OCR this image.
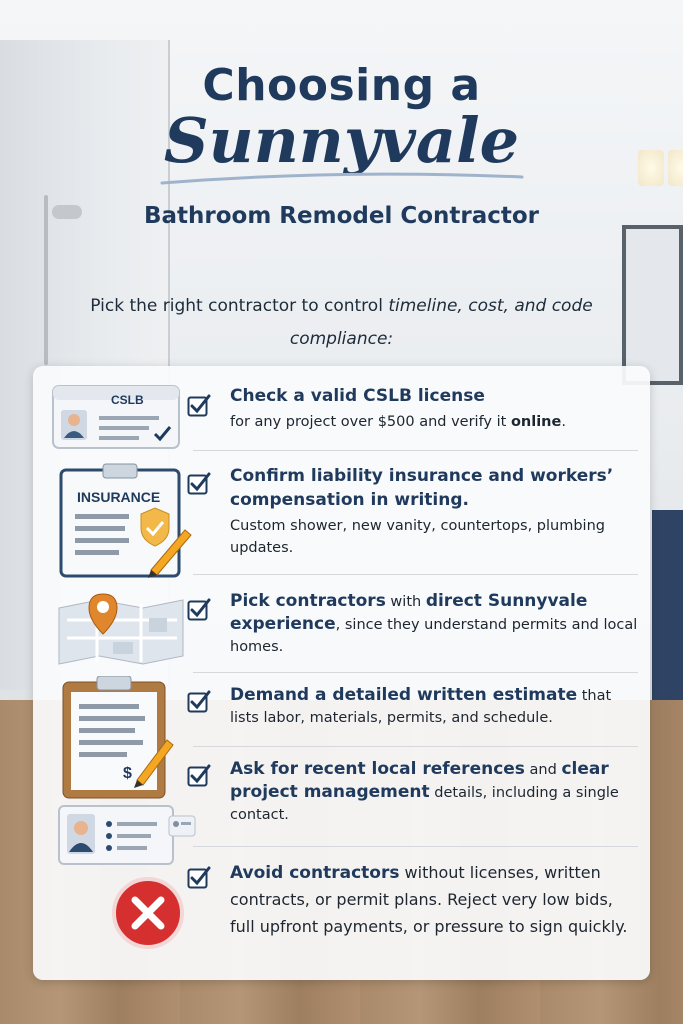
Choosing a
Sunnyvale
Bathroom Remodel Contractor
Pick the right contractor to control timeline, cost, and code compliance:
CSLB	Check a valid CSLB license
for any project over $500 and verify it online.
INSURANCE
Confirm liability insurance and workers’ compensation in writing.
Custom shower, new vanity, countertops, plumbing updates.
Pick contractors with direct Sunnyvale experience, since they understand permits and local homes.
$
Demand a detailed written estimate that lists labor, materials, permits, and schedule.
Ask for recent local references and clear project management details, including a single contact.
Avoid contractors without licenses, written contracts, or permit plans. Reject very low bids, full upfront payments, or pressure to sign quickly.
